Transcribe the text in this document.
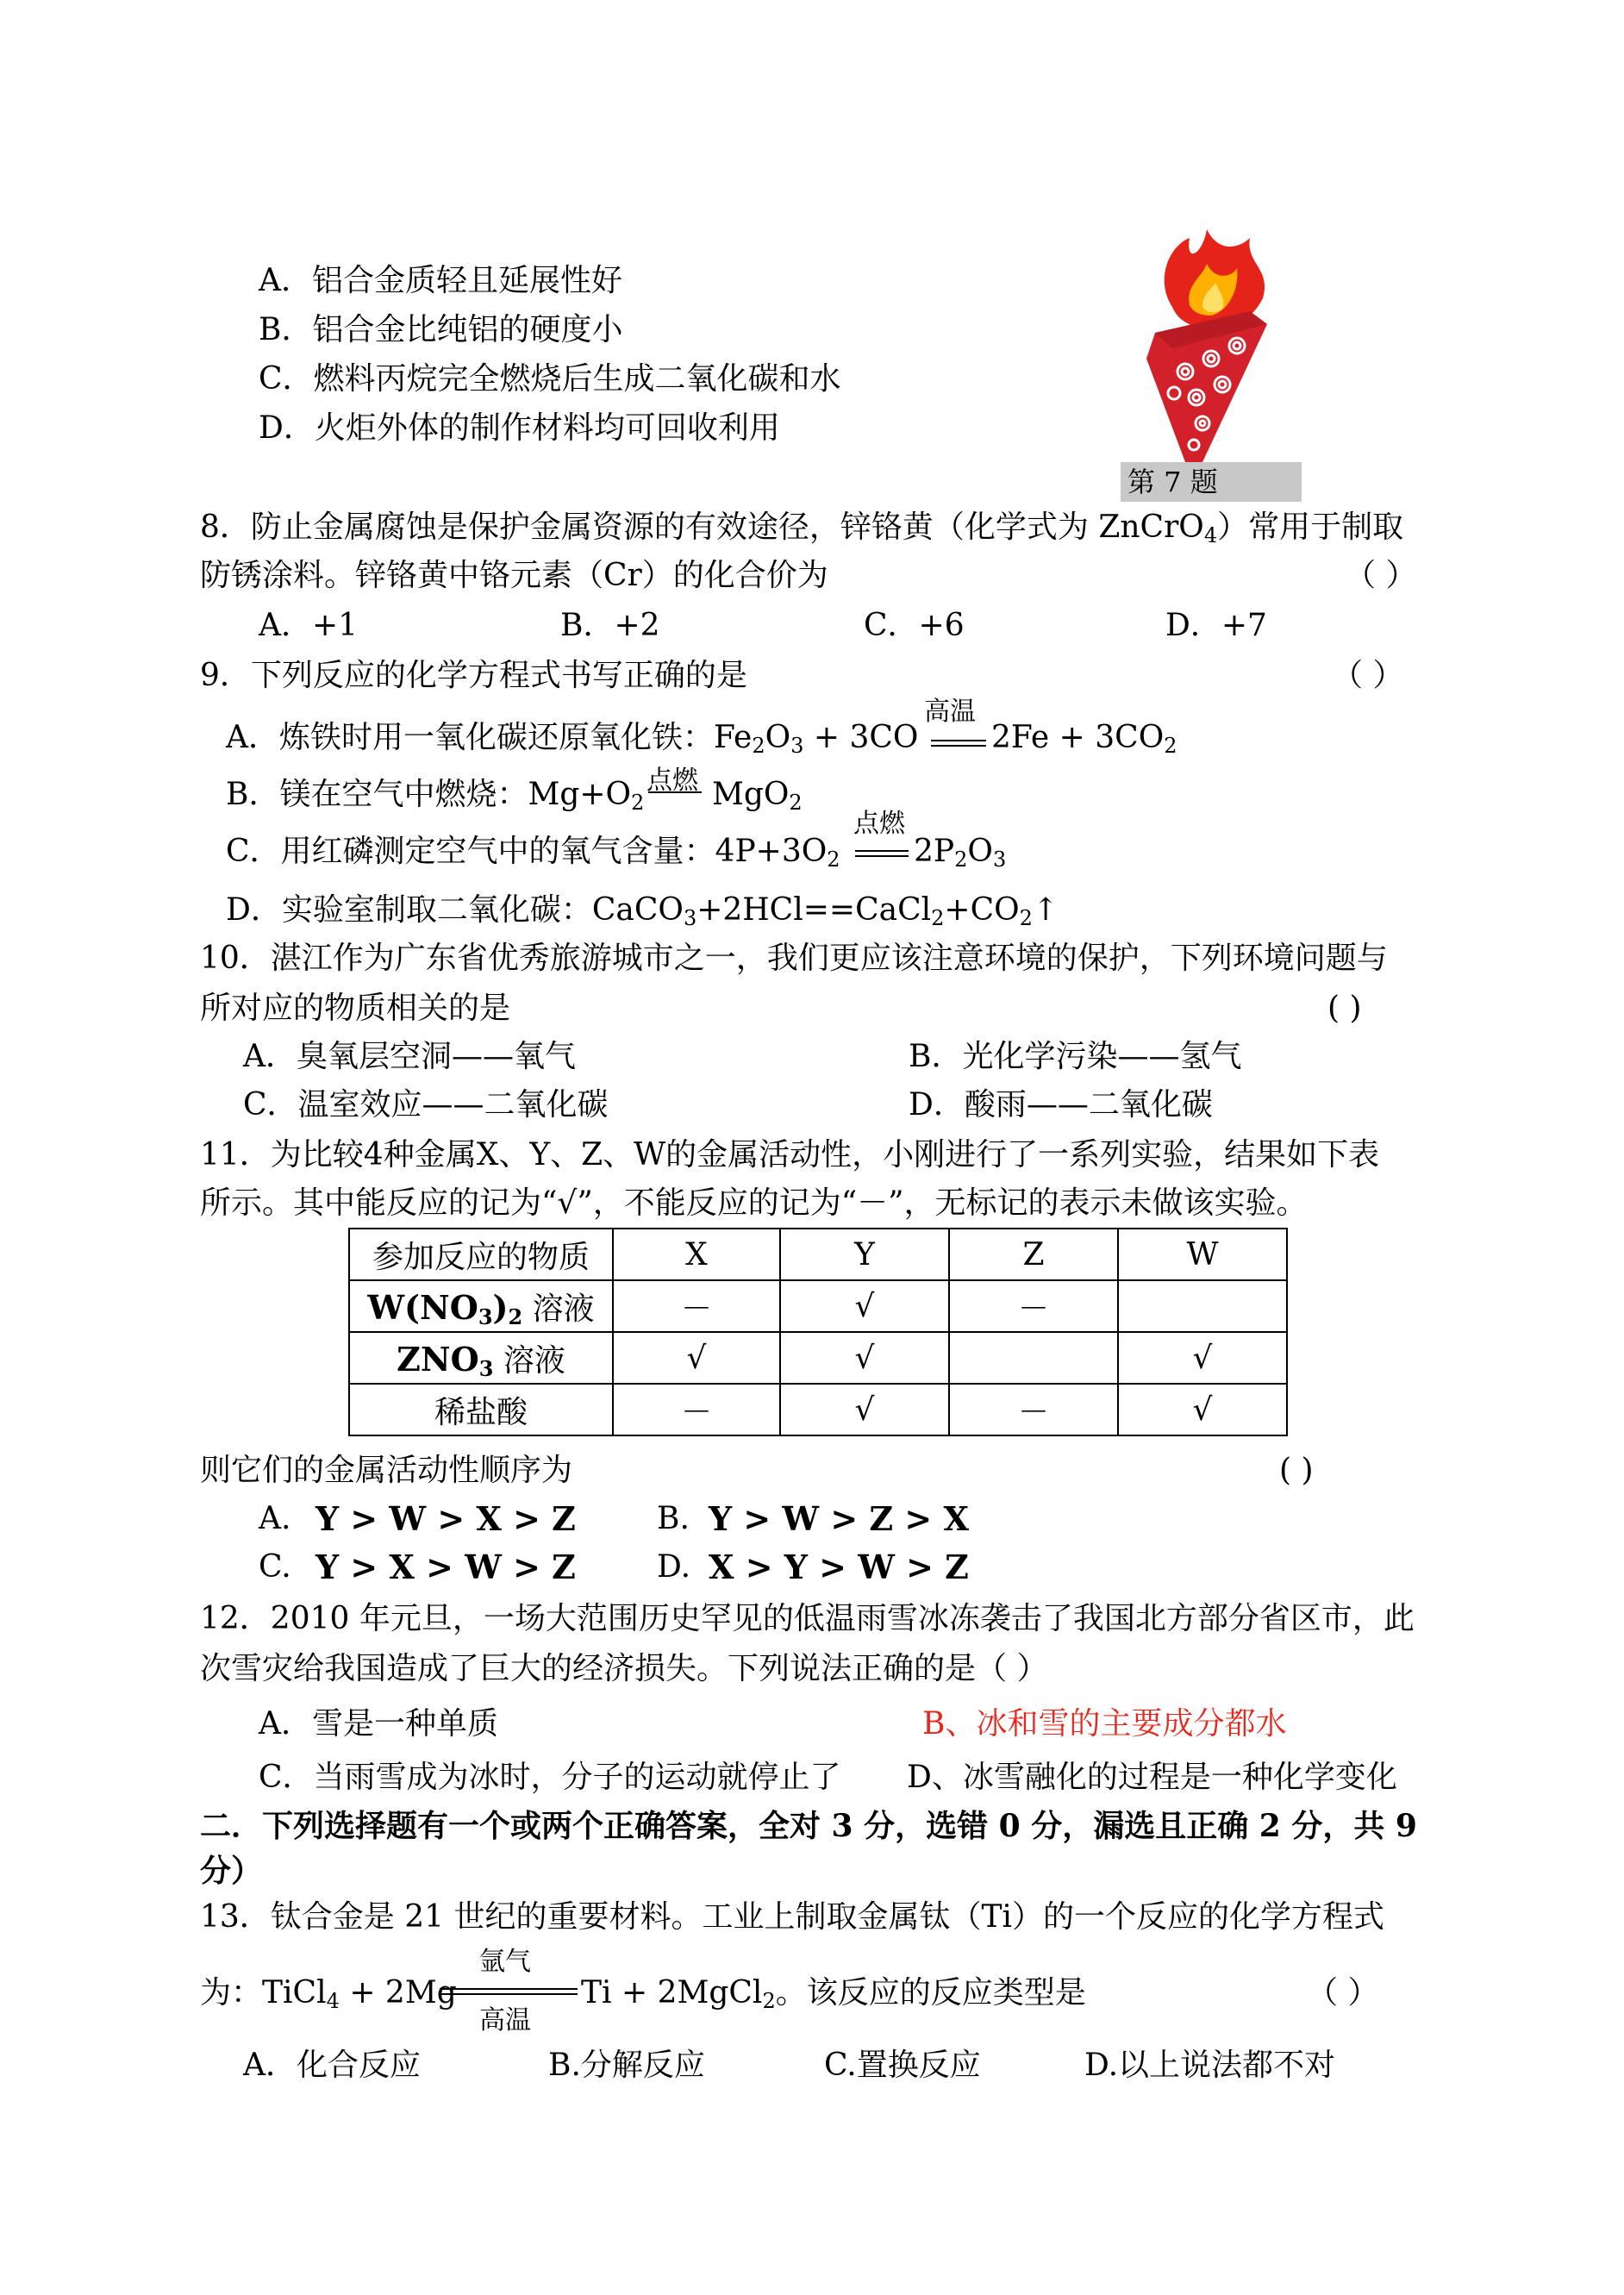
A．铝合金质轻且延展性好
B．铝合金比纯铝的硬度小
C．燃料丙烷完全燃烧后生成二氧化碳和水
D．火炬外体的制作材料均可回收利用
第 7 题
8．防止金属腐蚀是保护金属资源的有效途径，锌铬黄（化学式为 ZnCrO$_4$）常用于制取
防锈涂料。锌铬黄中铬元素（Cr）的化合价为	（ ）
A．+1	B．+2	C．+6	D．+7
9．下列反应的化学方程式书写正确的是	（ ）
A．炼铁时用一氧化碳还原氧化铁：$Fe_2O_3 + 3CO$
高温
$2Fe + 3CO_2$
B．镁在空气中燃烧：$Mg+O_2$
点燃 MgO$_2$
C．用红磷测定空气中的氧气含量：$4P+3O_2$
点燃
$2P_2O_3$
D．实验室制取二氧化碳：$CaCO_3+2HCl==CaCl_2+CO_2↑$
10．湛江作为广东省优秀旅游城市之一，我们更应该注意环境的保护，下列环境问题与
所对应的物质相关的是	( )
A．臭氧层空洞——氧气	B．光化学污染——氢气
C．温室效应——二氧化碳	D．酸雨——二氧化碳
11．为比较4种金属X、Y、Z、W的金属活动性，小刚进行了一系列实验，结果如下表
所示。其中能反应的记为“√”，不能反应的记为“－”，无标记的表示未做该实验。
参加反应的物质	X	Y	Z	W
$W(NO_3)_2$ 溶液	－	√	－	
$ZNO_3$ 溶液	√	√		√
稀盐酸	－	√	－	√
则它们的金属活动性顺序为	( )
A. Y > W > X > Z	B. Y > W > Z > X
C. Y > X > W > Z	D. X > Y > W > Z
12．2010 年元旦，一场大范围历史罕见的低温雨雪冰冻袭击了我国北方部分省区市，此
次雪灾给我国造成了巨大的经济损失。下列说法正确的是（ ）
A．雪是一种单质	B、冰和雪的主要成分都水
C．当雨雪成为冰时，分子的运动就停止了 D、冰雪融化的过程是一种化学变化
二．下列选择题有一个或两个正确答案，全对 3 分，选错 0 分，漏选且正确 2 分，共 9
分）
13．钛合金是 21 世纪的重要材料。工业上制取金属钛（Ti）的一个反应的化学方程式
为：TiCl$_4$ + 2Mg
氩气
高温
Ti + 2MgCl$_2$。该反应的反应类型是	（ ）
A．化合反应	B.分解反应	C.置换反应	D.以上说法都不对
